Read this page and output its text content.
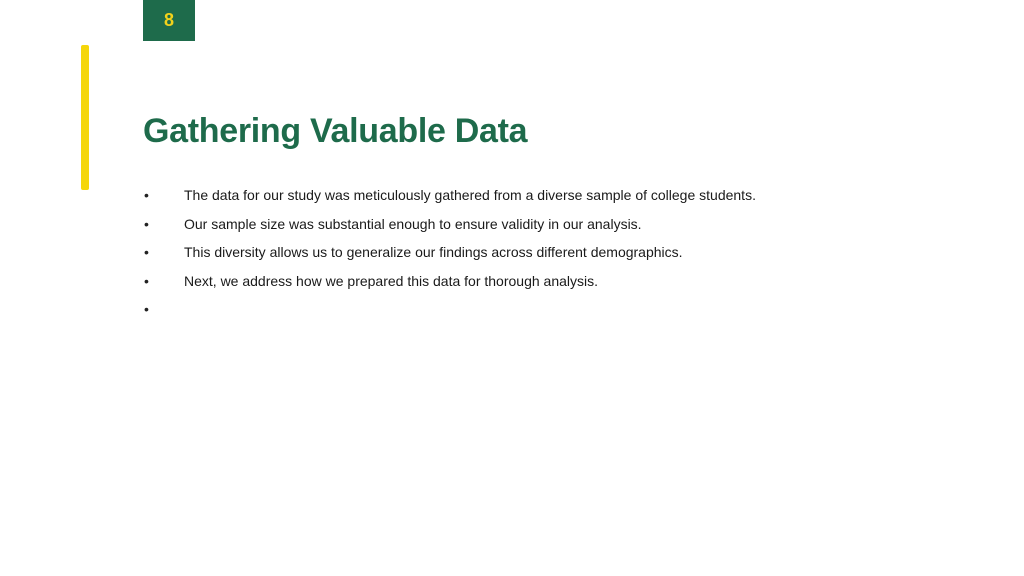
8
Gathering Valuable Data
•	The data for our study was meticulously gathered from a diverse sample of college students.
•	Our sample size was substantial enough to ensure validity in our analysis.
•	This diversity allows us to generalize our findings across different demographics.
•	Next, we address how we prepared this data for thorough analysis.
•
